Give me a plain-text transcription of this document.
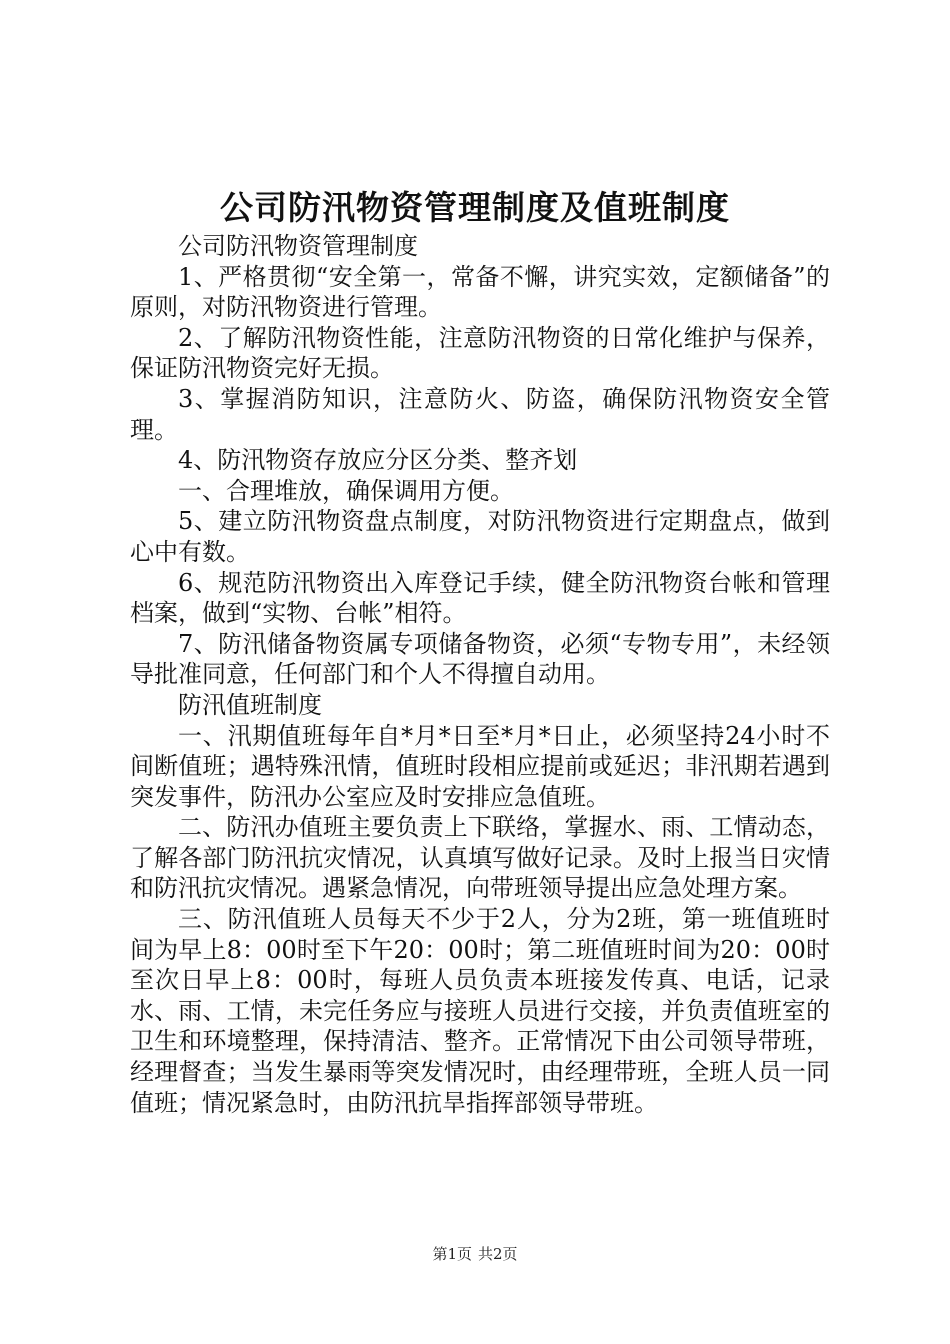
公司防汛物资管理制度及值班制度

公司防汛物资管理制度

1、严格贯彻“安全第一，常备不懈，讲究实效，定额储备”的原则，对防汛物资进行管理。

2、了解防汛物资性能，注意防汛物资的日常化维护与保养，保证防汛物资完好无损。

3、掌握消防知识，注意防火、防盗，确保防汛物资安全管理。

4、防汛物资存放应分区分类、整齐划

一、合理堆放，确保调用方便。

5、建立防汛物资盘点制度，对防汛物资进行定期盘点，做到心中有数。

6、规范防汛物资出入库登记手续，健全防汛物资台帐和管理档案，做到“实物、台帐”相符。

7、防汛储备物资属专项储备物资，必须“专物专用”，未经领导批准同意，任何部门和个人不得擅自动用。

防汛值班制度

一、汛期值班每年自*月*日至*月*日止，必须坚持24小时不间断值班；遇特殊汛情，值班时段相应提前或延迟；非汛期若遇到突发事件，防汛办公室应及时安排应急值班。

二、防汛办值班主要负责上下联络，掌握水、雨、工情动态，了解各部门防汛抗灾情况，认真填写做好记录。及时上报当日灾情和防汛抗灾情况。遇紧急情况，向带班领导提出应急处理方案。

三、防汛值班人员每天不少于2人，分为2班，第一班值班时间为早上8：00时至下午20：00时；第二班值班时间为20：00时至次日早上8：00时，每班人员负责本班接发传真、电话，记录水、雨、工情，未完任务应与接班人员进行交接，并负责值班室的卫生和环境整理，保持清洁、整齐。正常情况下由公司领导带班，经理督查；当发生暴雨等突发情况时，由经理带班，全班人员一同值班；情况紧急时，由防汛抗旱指挥部领导带班。

第1页 共2页
